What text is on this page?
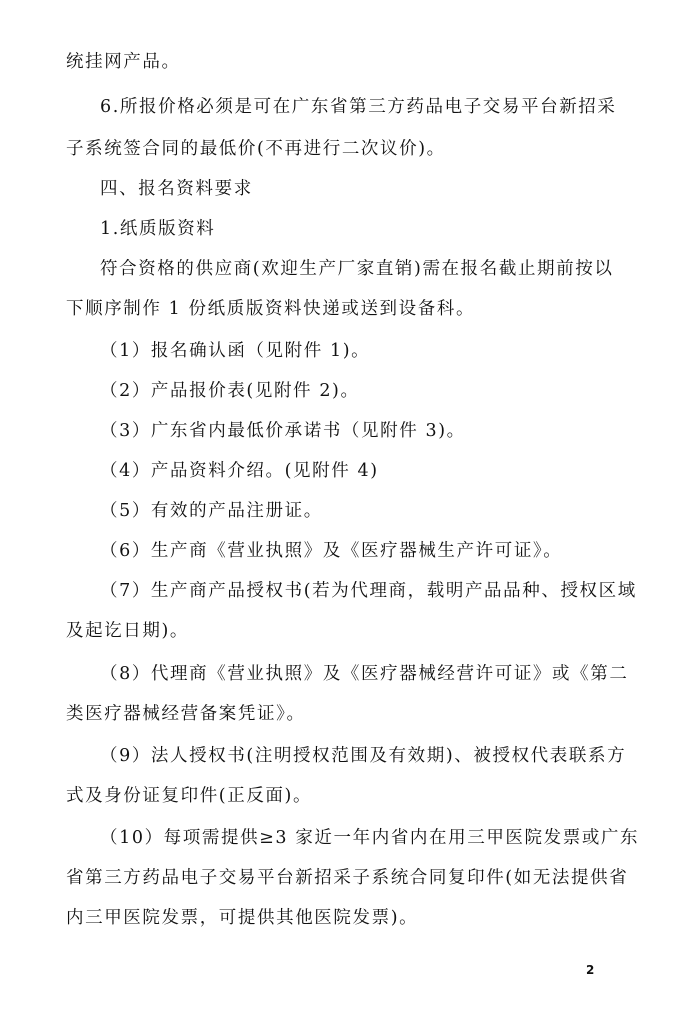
统挂网产品。
6.所报价格必须是可在广东省第三方药品电子交易平台新招采
子系统签合同的最低价(不再进行二次议价)。
四、报名资料要求
1.纸质版资料
符合资格的供应商(欢迎生产厂家直销)需在报名截止期前按以
下顺序制作 1 份纸质版资料快递或送到设备科。
（1）报名确认函（见附件 1)。
（2）产品报价表(见附件 2)。
（3）广东省内最低价承诺书（见附件 3)。
（4）产品资料介绍。(见附件 4)
（5）有效的产品注册证。
（6）生产商《营业执照》及《医疗器械生产许可证》。
（7）生产商产品授权书(若为代理商，载明产品品种、授权区域
及起讫日期)。
（8）代理商《营业执照》及《医疗器械经营许可证》或《第二
类医疗器械经营备案凭证》。
（9）法人授权书(注明授权范围及有效期)、被授权代表联系方
式及身份证复印件(正反面)。
（10）每项需提供≥3 家近一年内省内在用三甲医院发票或广东
省第三方药品电子交易平台新招采子系统合同复印件(如无法提供省
内三甲医院发票，可提供其他医院发票)。
2
